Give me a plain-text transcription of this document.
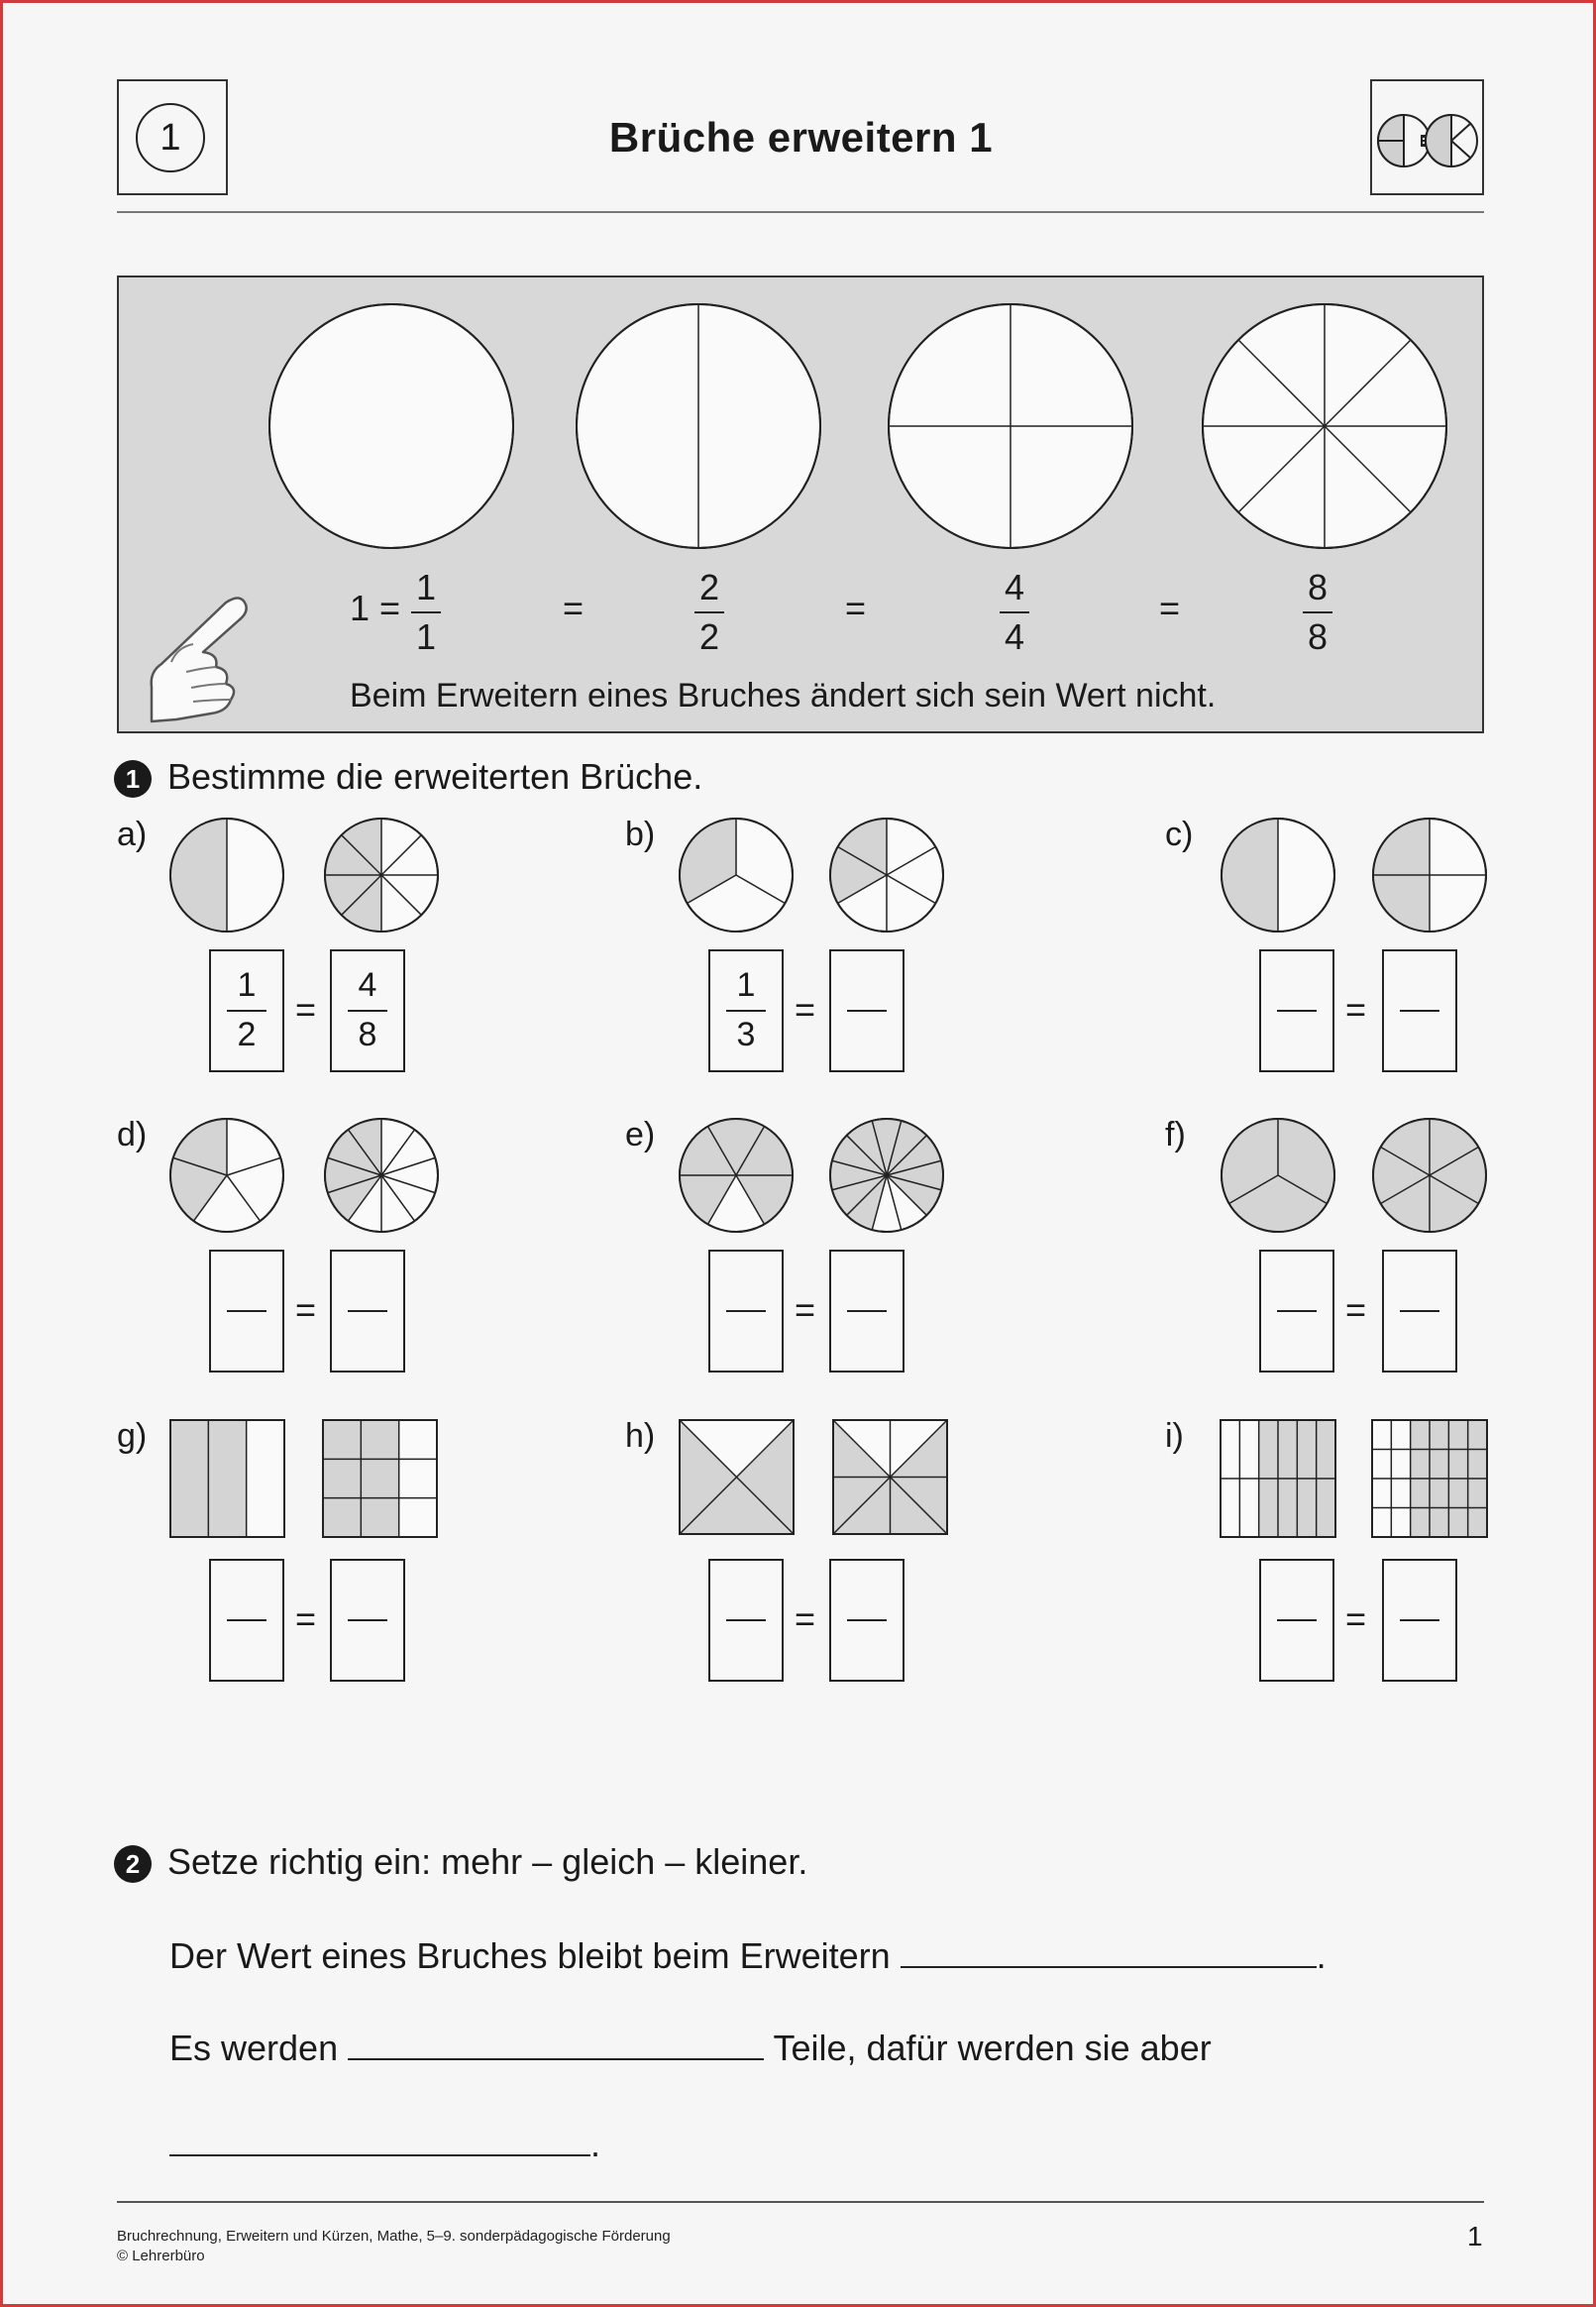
1	Brüche erweitern 1
1 =
1
1
=
2
2
=
4
4
=
8
8
Beim Erweitern eines Bruches ändert sich sein Wert nicht.
1 Bestimme die erweiterten Brüche.
a)
1
2
4
8
=
b)
1
3
=
c)
=
d)
=
e)
=
f)
=
g)
=
h)
=
i)
=
2 Setze richtig ein: mehr – gleich – kleiner.
Der Wert eines Bruches bleibt beim Erweitern	.
Es werden	Teile, dafür werden sie aber
.
Bruchrechnung, Erweitern und Kürzen, Mathe, 5–9. sonderpädagogische Förderung
© Lehrerbüro
1
